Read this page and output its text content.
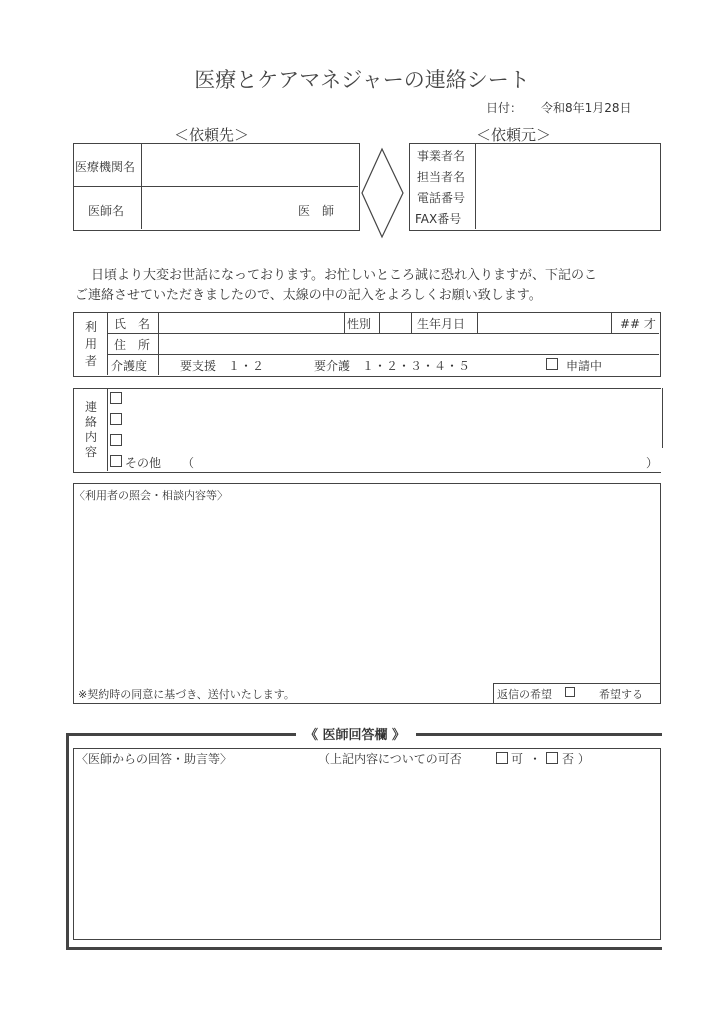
医療とケアマネジャーの連絡シート
日付： 令和8年1月28日
＜依頼先＞
医療機関名
医師名	医　師
＜依頼元＞
事業者名
担当者名
電話番号
FAX番号
日頃より大変お世話になっております。お忙しいところ誠に恐れ入りますが、下記のこ
ご連絡させていただきましたので、太線の中の記入をよろしくお願い致します。
利
用
者
氏　名	性別	生年月日	## 才
住　所
介護度	要支援 １・２	要介護 １・２・３・４・５	申請中
連
絡
内
容
その他 （	）
〈利用者の照会・相談内容等〉
※契約時の同意に基づき、送付いたします。	返信の希望	希望する
《 医師回答欄 》
〈医師からの回答・助言等〉	（上記内容についての可否	可 ・ 否 ）
